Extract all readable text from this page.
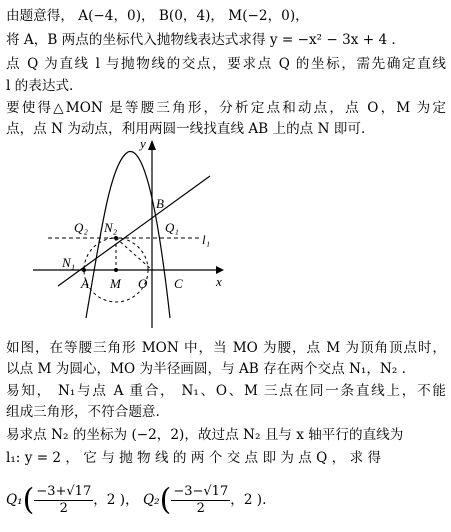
由题意得， A(−4，0)， B(0，4)， M(−2，0)，
将 A，B 两点的坐标代入抛物线表达式求得 y = −x² − 3x + 4 .
点 Q 为直线 l 与抛物线的交点，要求点 Q 的坐标，需先确定直线
l 的表达式.
要使得△MON 是等腰三角形，分析定点和动点，点 O，M 为定
点，点 N 为动点，利用两圆一线找直线 AB 上的点 N 即可.
y
x
B
Q₁
Q₂ N₂
l₁
N₁
A M O C
如图，在等腰三角形 MON 中，当 MO 为腰，点 M 为顶角顶点时，
以点 M 为圆心，MO 为半径画圆，与 AB 存在两个交点 N₁，N₂ .
易知， N₁与点 A 重合， N₁、O、M 三点在同一条直线上，不能
组成三角形，不符合题意.
易求点 N₂ 的坐标为 (−2，2)，故过点 N₂ 且与 x 轴平行的直线为
l₁: y = 2 ， 它 与 抛 物 线 的 两 个 交 点 即 为 点 Q ， 求 得
$Q_1( \frac{-3+√17}{2}$ ，2 )， $Q_2( \frac{-3-√17}{2}$ ，2 ).
